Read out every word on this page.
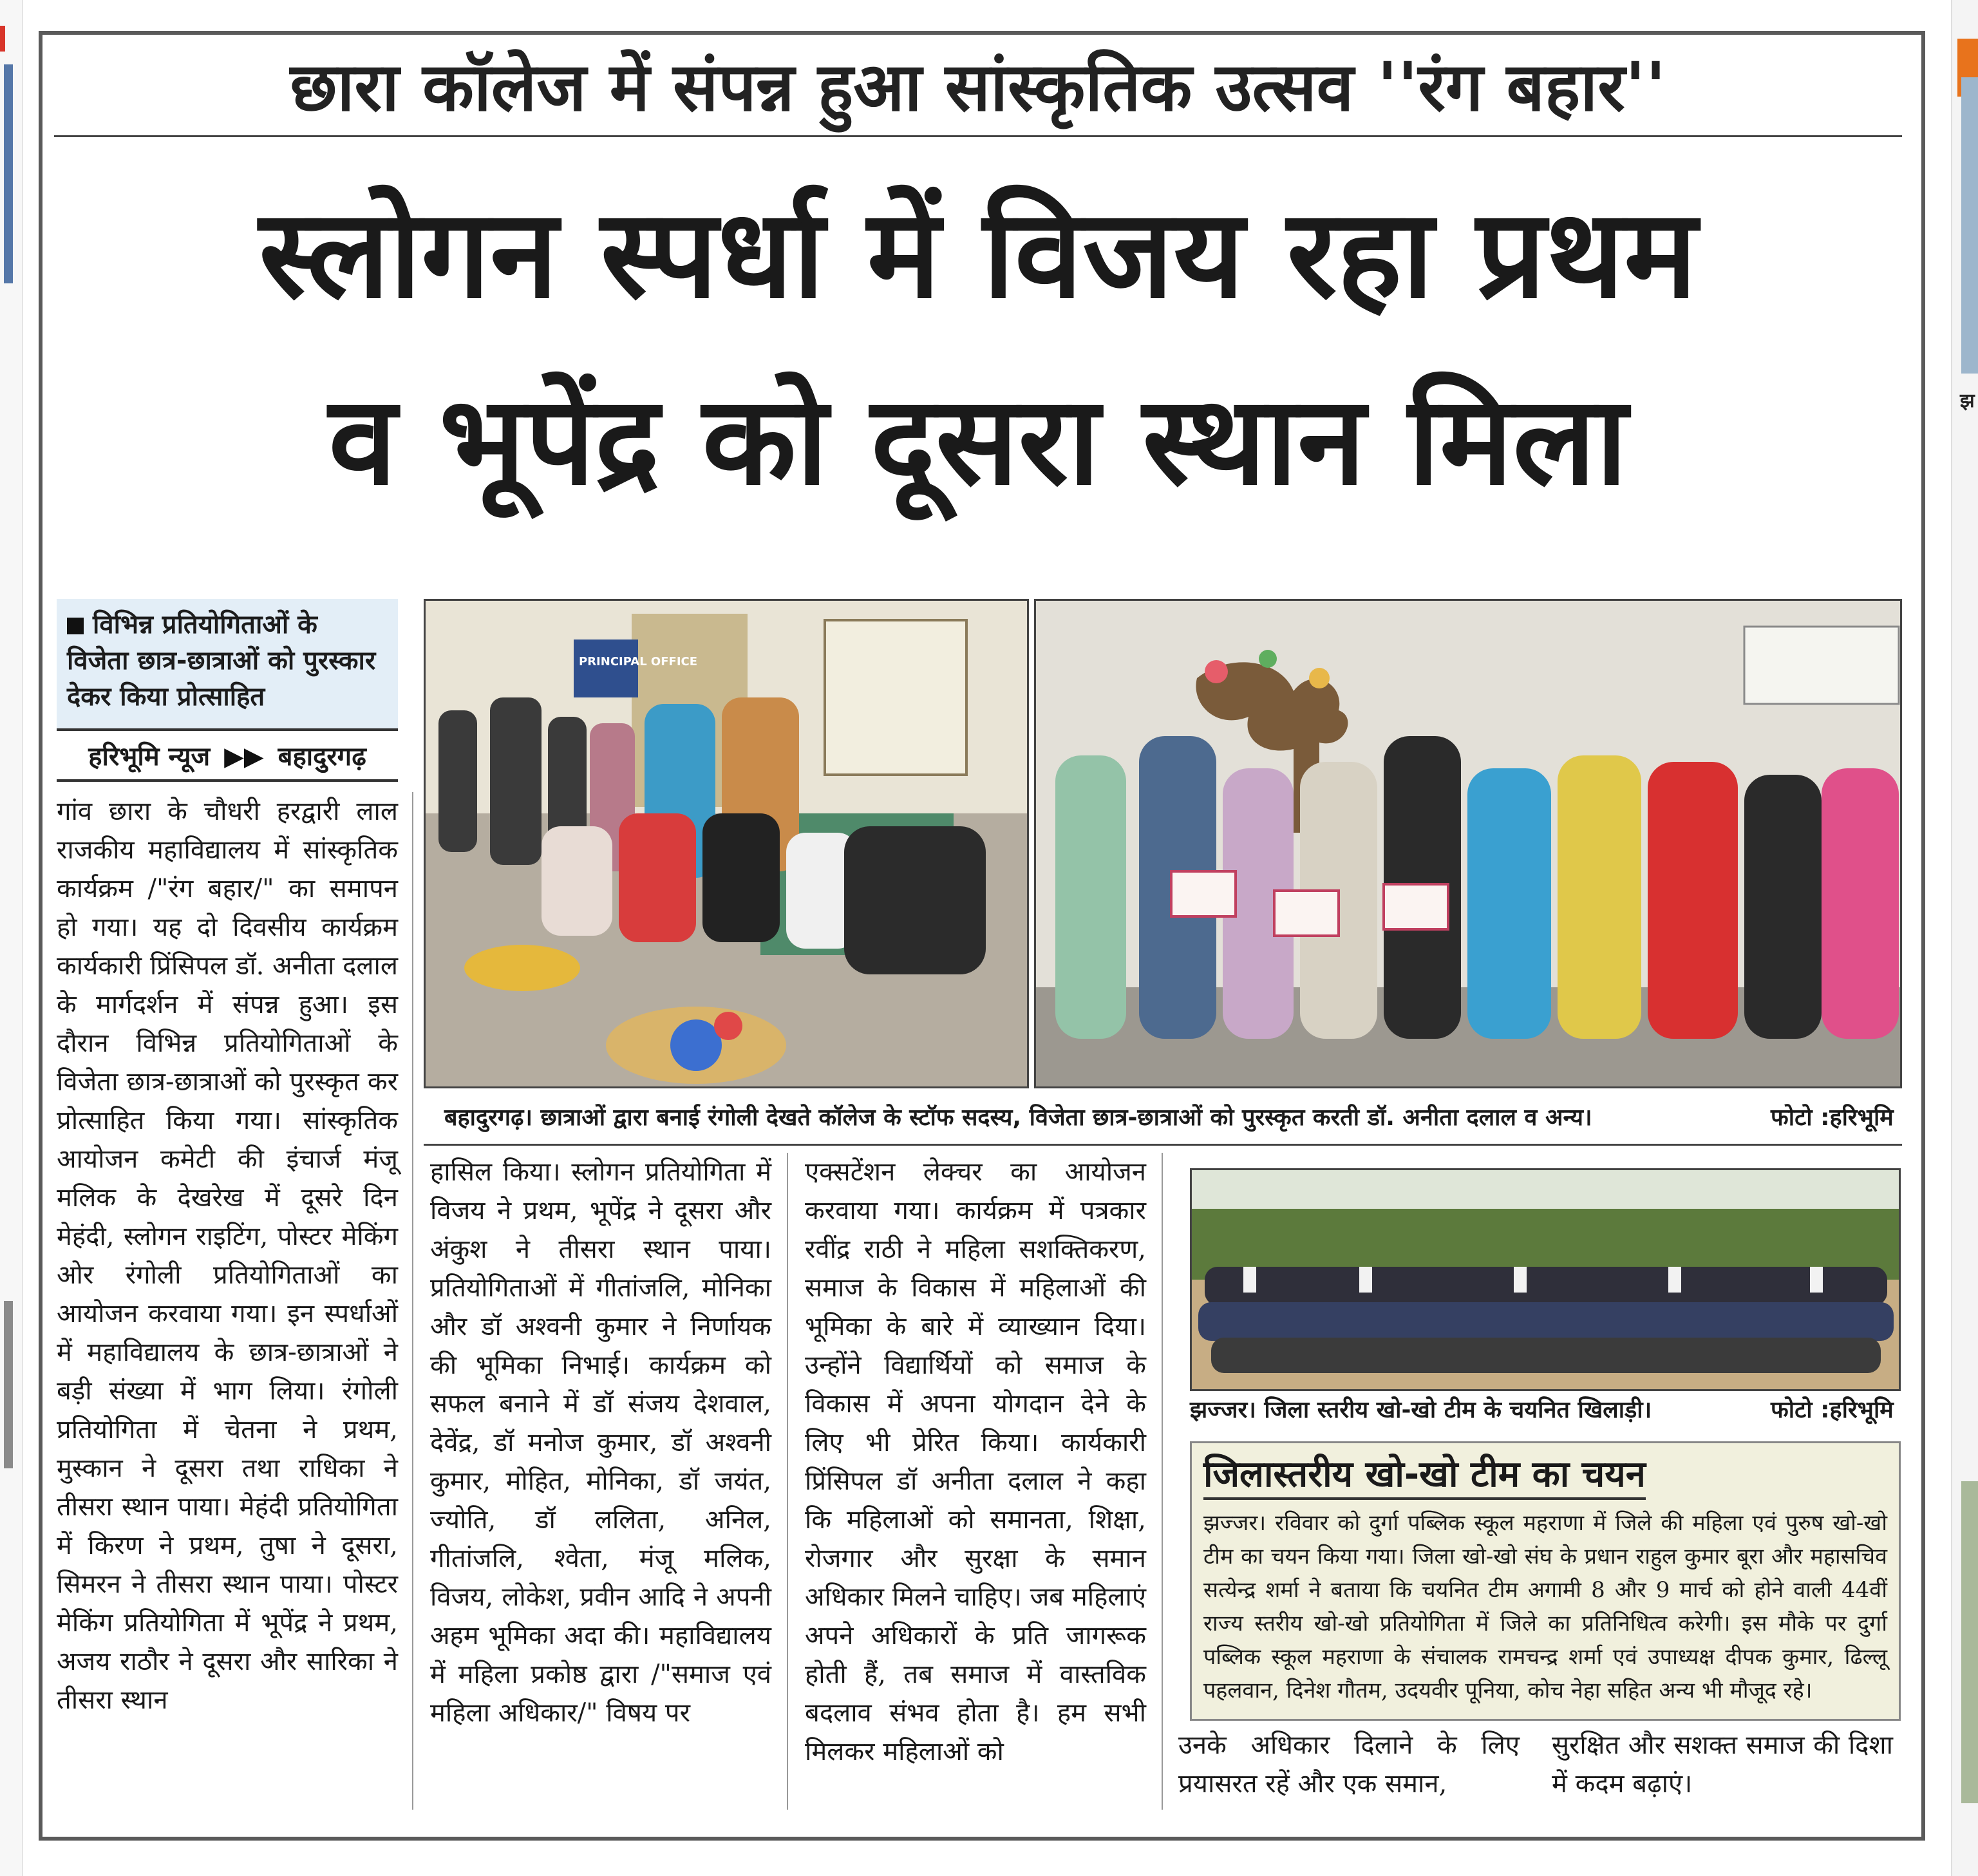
झ
छारा कॉलेज में संपन्न हुआ सांस्कृतिक उत्सव ''रंग बहार''
स्लोगन स्पर्धा में विजय रहा प्रथम
व भूपेंद्र को दूसरा स्थान मिला
विभिन्न प्रतियोगिताओं के विजेता छात्र-छात्राओं को पुरस्कार देकर किया प्रोत्साहित
हरिभूमि न्यूज ▶▶ बहादुरगढ़
गांव छारा के चौधरी हरद्वारी लाल राजकीय महाविद्यालय में सांस्कृतिक कार्यक्रम /"रंग बहार/" का समापन हो गया। यह दो दिवसीय कार्यक्रम कार्यकारी प्रिंसिपल डॉ. अनीता दलाल के मार्गदर्शन में संपन्न हुआ। इस दौरान विभिन्न प्रतियोगिताओं के विजेता छात्र-छात्राओं को पुरस्कृत कर प्रोत्साहित किया गया। सांस्कृतिक आयोजन कमेटी की इंचार्ज मंजू मलिक के देखरेख में दूसरे दिन मेहंदी, स्लोगन राइटिंग, पोस्टर मेकिंग ओर रंगोली प्रतियोगिताओं का आयोजन करवाया गया। इन स्पर्धाओं में महाविद्यालय के छात्र-छात्राओं ने बड़ी संख्या में भाग लिया। रंगोली प्रतियोगिता में चेतना ने प्रथम, मुस्कान ने दूसरा तथा राधिका ने तीसरा स्थान पाया। मेहंदी प्रतियोगिता में किरण ने प्रथम, तुषा ने दूसरा, सिमरन ने तीसरा स्थान पाया। पोस्टर मेकिंग प्रतियोगिता में भूपेंद्र ने प्रथम, अजय राठौर ने दूसरा और सारिका ने तीसरा स्थान
हासिल किया। स्लोगन प्रतियोगिता में विजय ने प्रथम, भूपेंद्र ने दूसरा और अंकुश ने तीसरा स्थान पाया। प्रतियोगिताओं में गीतांजलि, मोनिका और डॉ अश्वनी कुमार ने निर्णायक की भूमिका निभाई। कार्यक्रम को सफल बनाने में डॉ संजय देशवाल, देवेंद्र, डॉ मनोज कुमार, डॉ अश्वनी कुमार, मोहित, मोनिका, डॉ जयंत, ज्योति, डॉ ललिता, अनिल, गीतांजलि, श्वेता, मंजू मलिक, विजय, लोकेश, प्रवीन आदि ने अपनी अहम भूमिका अदा की। महाविद्यालय में महिला प्रकोष्ठ द्वारा /"समाज एवं महिला अधिकार/" विषय पर
एक्सटेंशन लेक्चर का आयोजन करवाया गया। कार्यक्रम में पत्रकार रवींद्र राठी ने महिला सशक्तिकरण, समाज के विकास में महिलाओं की भूमिका के बारे में व्याख्यान दिया। उन्होंने विद्यार्थियों को समाज के विकास में अपना योगदान देने के लिए भी प्रेरित किया। कार्यकारी प्रिंसिपल डॉ अनीता दलाल ने कहा कि महिलाओं को समानता, शिक्षा, रोजगार और सुरक्षा के समान अधिकार मिलने चाहिए। जब महिलाएं अपने अधिकारों के प्रति जागरूक होती हैं, तब समाज में वास्तविक बदलाव संभव होता है। हम सभी मिलकर महिलाओं को	उनके अधिकार दिलाने के लिए प्रयासरत रहें और एक समान,
सुरक्षित और सशक्त समाज की दिशा में कदम बढ़ाएं।
PRINCIPAL OFFICE
बहादुरगढ़। छात्राओं द्वारा बनाई रंगोली देखते कॉलेज के स्टॉफ सदस्य, विजेता छात्र-छात्राओं को पुरस्कृत करती डॉ. अनीता दलाल व अन्य।	फोटो :हरिभूमि
झज्जर। जिला स्तरीय खो-खो टीम के चयनित खिलाड़ी।	फोटो :हरिभूमि
जिलास्तरीय खो-खो टीम का चयन
झज्जर। रविवार को दुर्गा पब्लिक स्कूल महराणा में जिले की महिला एवं पुरुष खो-खो टीम का चयन किया गया। जिला खो-खो संघ के प्रधान राहुल कुमार बूरा और महासचिव सत्येन्द्र शर्मा ने बताया कि चयनित टीम अगामी 8 और 9 मार्च को होने वाली 44वीं राज्य स्तरीय खो-खो प्रतियोगिता में जिले का प्रतिनिधित्व करेगी। इस मौके पर दुर्गा पब्लिक स्कूल महराणा के संचालक रामचन्द्र शर्मा एवं उपाध्यक्ष दीपक कुमार, ढिल्लू पहलवान, दिनेश गौतम, उदयवीर पूनिया, कोच नेहा सहित अन्य भी मौजूद रहे।
